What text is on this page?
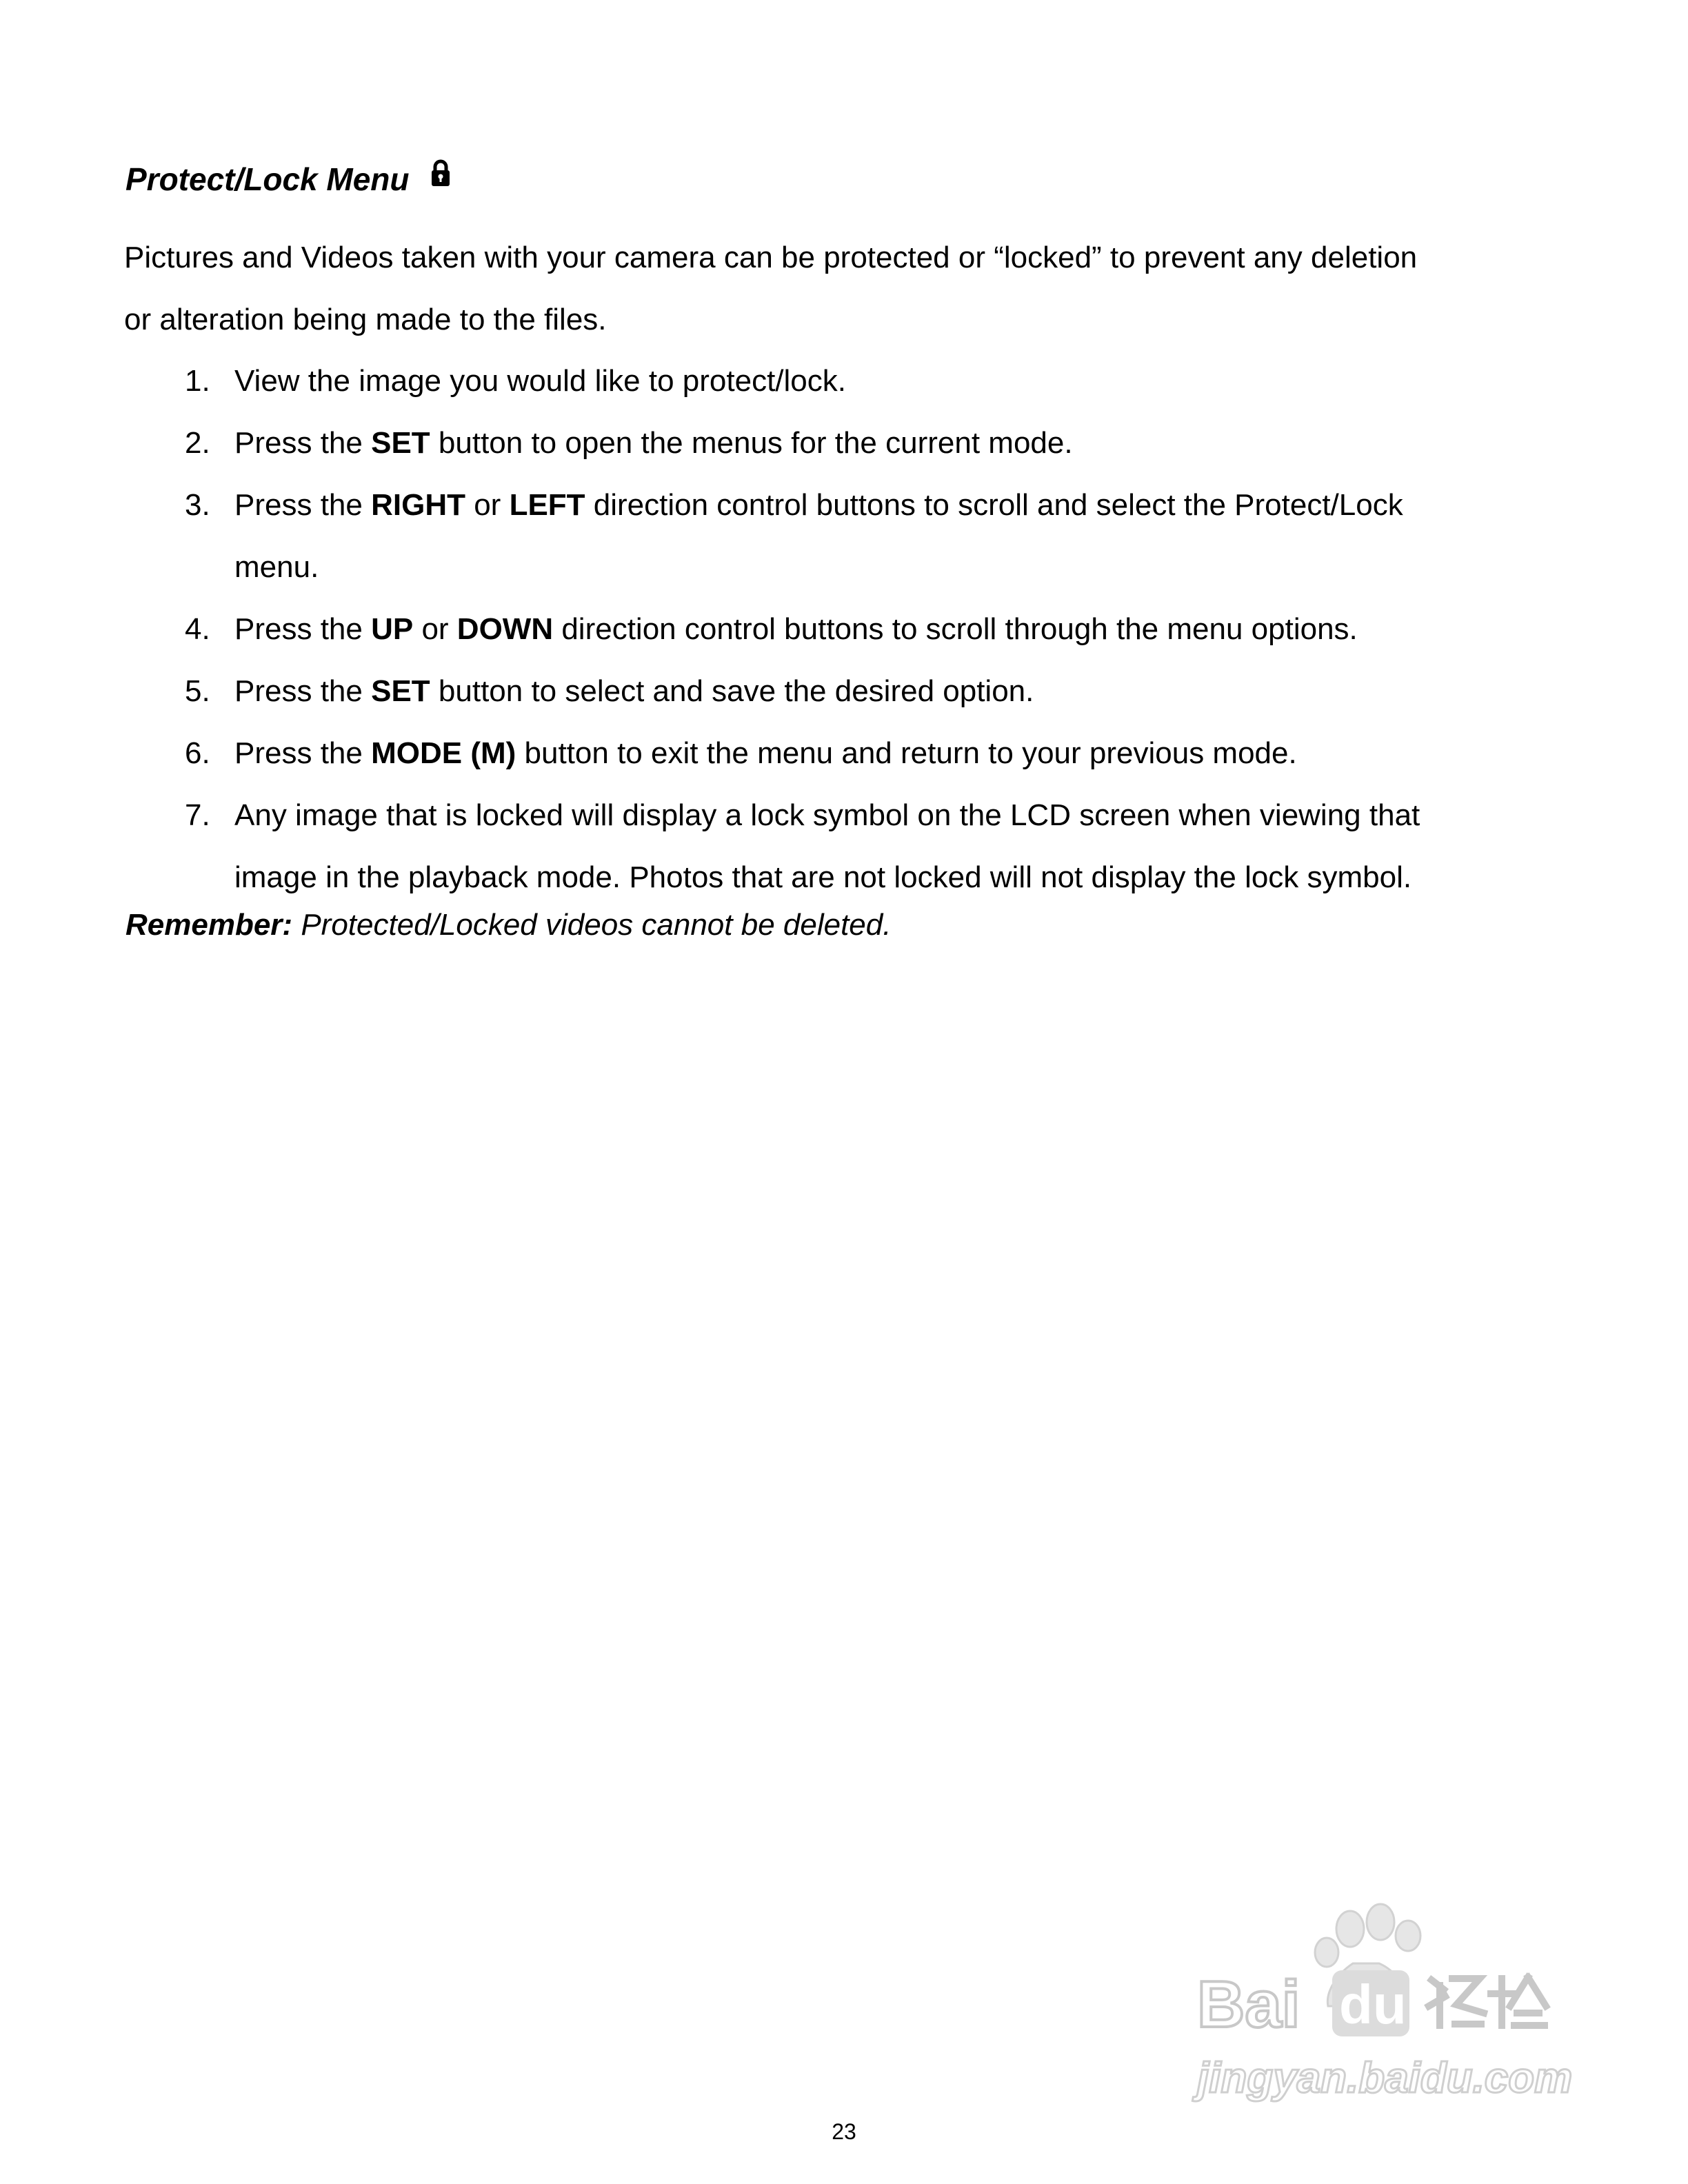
Protect/Lock Menu

Pictures and Videos taken with your camera can be protected or “locked” to prevent any deletion

or alteration being made to the files.

1. View the image you would like to protect/lock.
2. Press the SET button to open the menus for the current mode.
3. Press the RIGHT or LEFT direction control buttons to scroll and select the Protect/Lock
menu.
4. Press the UP or DOWN direction control buttons to scroll through the menu options.
5. Press the SET button to select and save the desired option.
6. Press the MODE (M) button to exit the menu and return to your previous mode.
7. Any image that is locked will display a lock symbol on the LCD screen when viewing that
image in the playback mode. Photos that are not locked will not display the lock symbol.
Remember: Protected/Locked videos cannot be deleted.
Bai du
jingyan.baidu.com
23
